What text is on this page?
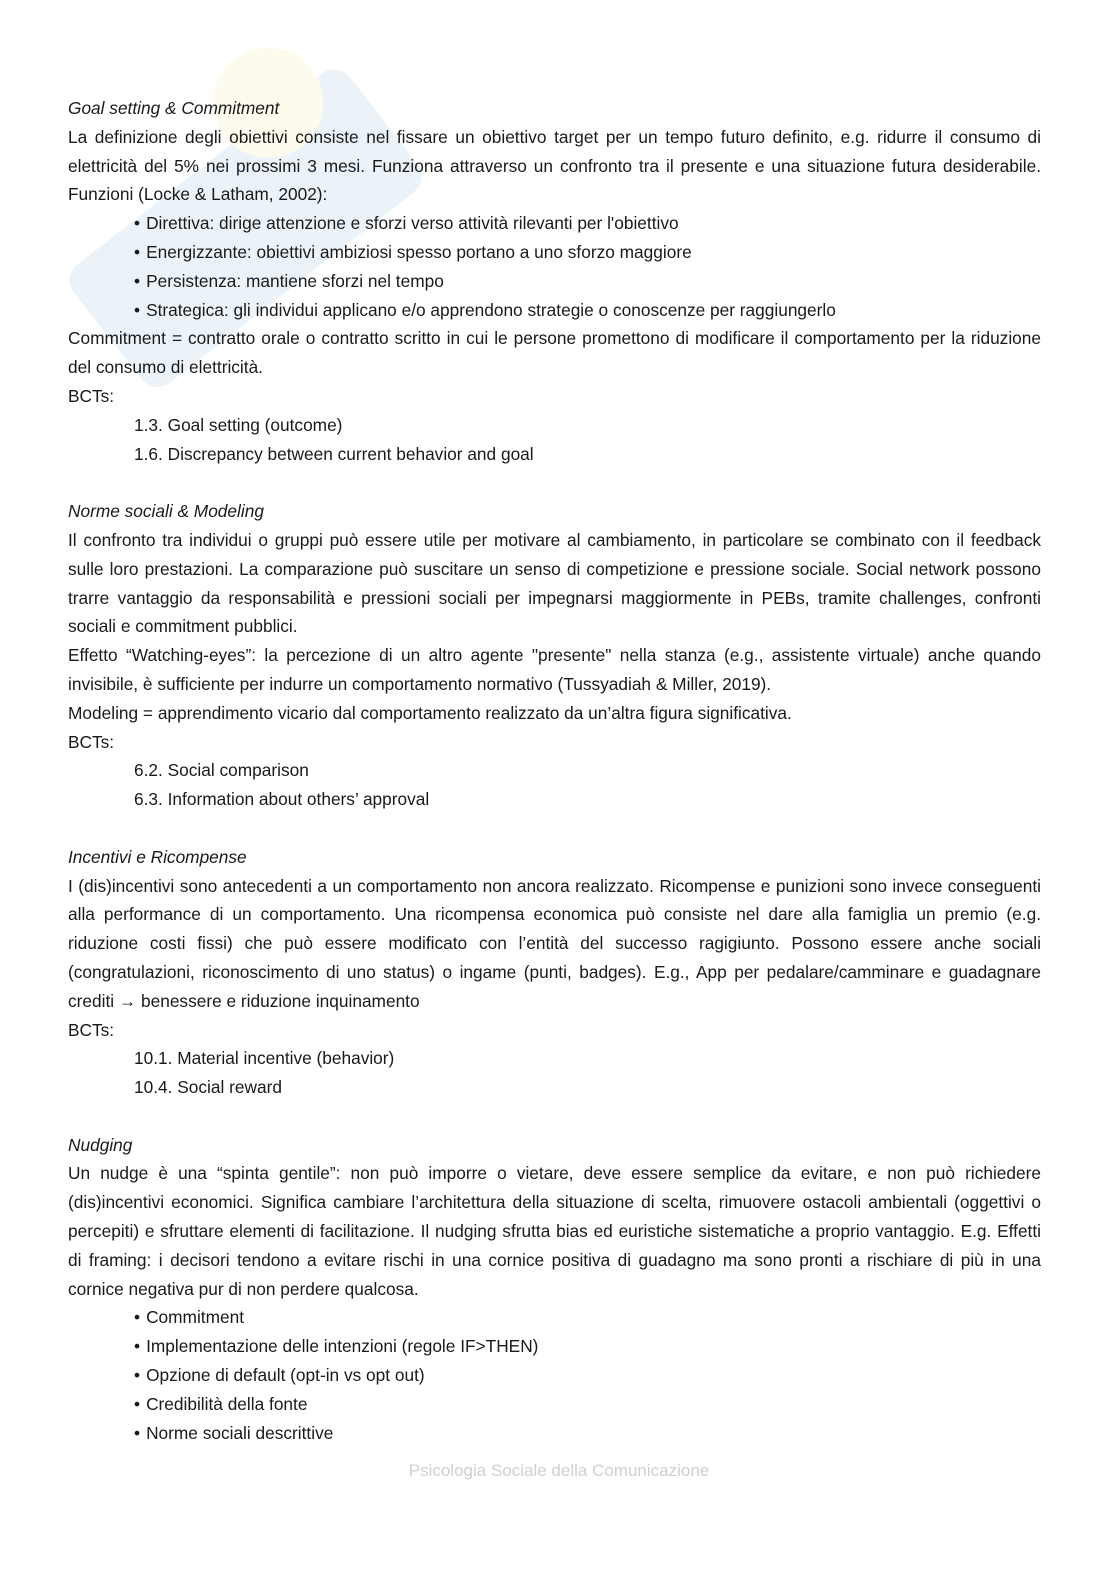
Goal setting & Commitment
La definizione degli obiettivi consiste nel fissare un obiettivo target per un tempo futuro definito, e.g. ridurre il consumo di elettricità del 5% nei prossimi 3 mesi. Funziona attraverso un confronto tra il presente e una situazione futura desiderabile. Funzioni (Locke & Latham, 2002):
• Direttiva: dirige attenzione e sforzi verso attività rilevanti per l'obiettivo
• Energizzante: obiettivi ambiziosi spesso portano a uno sforzo maggiore
• Persistenza: mantiene sforzi nel tempo
• Strategica: gli individui applicano e/o apprendono strategie o conoscenze per raggiungerlo
Commitment = contratto orale o contratto scritto in cui le persone promettono di modificare il comportamento per la riduzione del consumo di elettricità.
BCTs:
1.3. Goal setting (outcome)
1.6. Discrepancy between current behavior and goal
Norme sociali & Modeling
Il confronto tra individui o gruppi può essere utile per motivare al cambiamento, in particolare se combinato con il feedback sulle loro prestazioni. La comparazione può suscitare un senso di competizione e pressione sociale. Social network possono trarre vantaggio da responsabilità e pressioni sociali per impegnarsi maggiormente in PEBs, tramite challenges, confronti sociali e commitment pubblici.
Effetto “Watching-eyes”: la percezione di un altro agente "presente" nella stanza (e.g., assistente virtuale) anche quando invisibile, è sufficiente per indurre un comportamento normativo (Tussyadiah & Miller, 2019).
Modeling = apprendimento vicario dal comportamento realizzato da un’altra figura significativa.
BCTs:
6.2. Social comparison
6.3. Information about others’ approval
Incentivi e Ricompense
I (dis)incentivi sono antecedenti a un comportamento non ancora realizzato. Ricompense e punizioni sono invece conseguenti alla performance di un comportamento. Una ricompensa economica può consiste nel dare alla famiglia un premio (e.g. riduzione costi fissi) che può essere modificato con l’entità del successo ragigiunto. Possono essere anche sociali (congratulazioni, riconoscimento di uno status) o ingame (punti, badges). E.g., App per pedalare/camminare e guadagnare crediti → benessere e riduzione inquinamento
BCTs:
10.1. Material incentive (behavior)
10.4. Social reward
Nudging
Un nudge è una “spinta gentile”: non può imporre o vietare, deve essere semplice da evitare, e non può richiedere (dis)incentivi economici. Significa cambiare l’architettura della situazione di scelta, rimuovere ostacoli ambientali (oggettivi o percepiti) e sfruttare elementi di facilitazione. Il nudging sfrutta bias ed euristiche sistematiche a proprio vantaggio. E.g. Effetti di framing: i decisori tendono a evitare rischi in una cornice positiva di guadagno ma sono pronti a rischiare di più in una cornice negativa pur di non perdere qualcosa.
• Commitment
• Implementazione delle intenzioni (regole IF>THEN)
• Opzione di default (opt-in vs opt out)
• Credibilità della fonte
• Norme sociali descrittive
Psicologia Sociale della Comunicazione
